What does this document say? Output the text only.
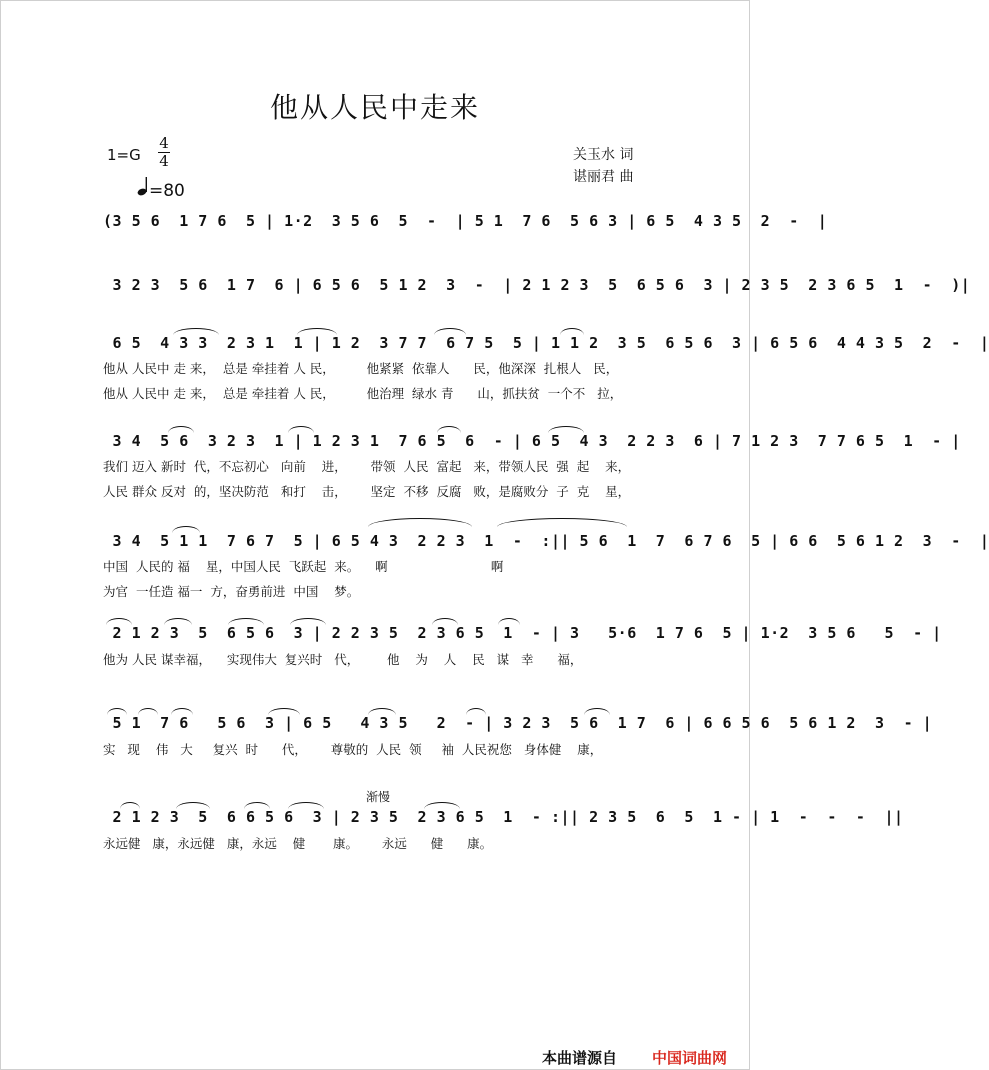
他从人民中走来
1=G
4
4
=80
关玉水 词
谌丽君 曲
(3 5 6  1 7 6  5 | 1·2  3 5 6  5  -  | 5 1  7 6  5 6 3 | 6 5  4 3 5  2  -  |
3 2 3  5 6  1 7  6 | 6 5 6  5 1 2  3  -  | 2 1 2 3  5  6 5 6  3 | 2 3 5  2 3 6 5  1  -  )|
6 5  4 3 3  2 3 1  1 | 1 2  3 7 7  6 7 5  5 | 1 1 2  3 5  6 5 6  3 | 6 5 6  4 4 3 5  2  -  |
他从 人民中 走 来，  总是 牵挂着 人 民，        他紧紧  依靠人      民，他深深  扎根人   民，
他从 人民中 走 来，  总是 牵挂着 人 民，        他治理  绿水 青      山，抓扶贫  一个不   拉，
3 4  5 6  3 2 3  1 | 1 2 3 1  7 6 5  6  - | 6 5  4 3  2 2 3  6 | 7 1 2 3  7 7 6 5  1  - |
我们 迈入 新时  代，不忘初心   向前    进，      带领  人民  富起   来，带领人民  强  起    来，
人民 群众 反对  的，坚决防范   和打    击，      坚定  不移  反腐   败，是腐败分  子  克    星，
3 4  5 1 1  7 6 7  5 | 6 5 4 3  2 2 3  1  -  :|| 5 6  1  7  6 7 6  5 | 6 6  5 6 1 2  3  -  |
中国  人民的 福    星，中国人民  飞跃起  来。    啊                          啊
为官  一任造 福一  方，奋勇前进  中国    梦。
2 1 2 3  5  6 5 6  3 | 2 2 3 5  2 3 6 5  1  - | 3   5·6  1 7 6  5 | 1·2  3 5 6   5  - |
他为 人民 谋幸福，    实现伟大  复兴时   代，       他    为    人    民   谋   幸      福，
5 1  7 6   5 6  3 | 6 5   4 3 5   2  - | 3 2 3  5 6  1 7  6 | 6 6 5 6  5 6 1 2  3  - |
实   现    伟   大     复兴  时      代，      尊敬的  人民  领     袖  人民祝您   身体健    康，
渐慢
2 1 2 3  5  6 6 5 6  3 | 2 3 5  2 3 6 5  1  - :|| 2 3 5  6  5  1 - | 1  -  -  -  ||
永远健   康，永远健   康，永远    健       康。      永远      健      康。
本曲谱源自 中国词曲网
